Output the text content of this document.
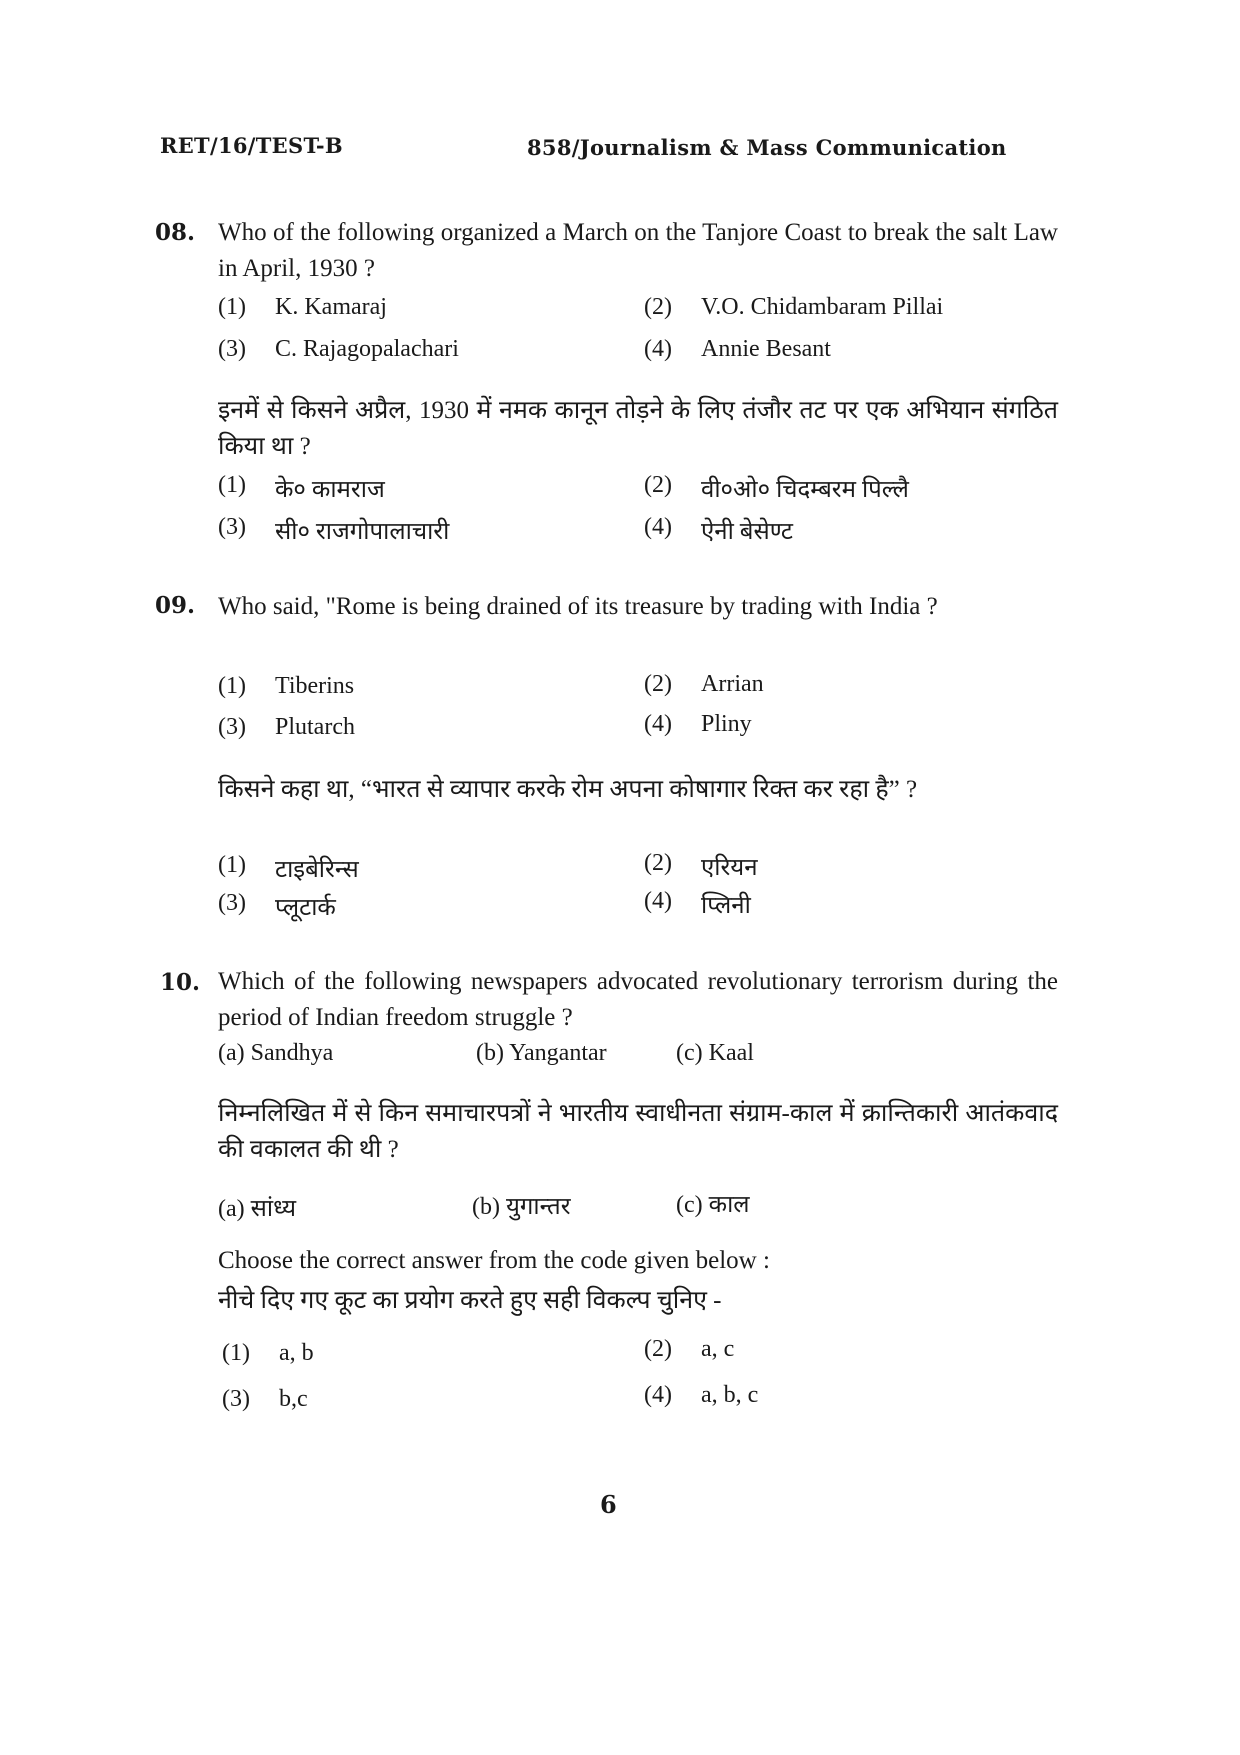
RET/16/TEST-B	858/Journalism & Mass Communication
08. Who of the following organized a March on the Tanjore Coast to break the salt Law in April, 1930 ?
(1)	K. Kamaraj	(2)	V.O. Chidambaram Pillai
(3)	C. Rajagopalachari	(4)	Annie Besant
इनमें से किसने अप्रैल, 1930 में नमक कानून तोड़ने के लिए तंजौर तट पर एक अभियान संगठित किया था ?
(1)	के० कामराज	(2)	वी०ओ० चिदम्बरम पिल्लै
(3)	सी० राजगोपालाचारी	(4)	ऐनी बेसेण्ट
09. Who said, "Rome is being drained of its treasure by trading with India ?
(1)	Tiberins	(2)	Arrian
(3)	Plutarch	(4)	Pliny
किसने कहा था, “भारत से व्यापार करके रोम अपना कोषागार रिक्त कर रहा है” ?
(1)	टाइबेरिन्स	(2)	एरियन
(3)	प्लूटार्क	(4)	प्लिनी
10. Which of the following newspapers advocated revolutionary terrorism during the period of Indian freedom struggle ?
(a) Sandhya	(b) Yangantar	(c) Kaal
निम्नलिखित में से किन समाचारपत्रों ने भारतीय स्वाधीनता संग्राम-काल में क्रान्तिकारी आतंकवाद की वकालत की थी ?
(a) सांध्य	(b) युगान्तर	(c) काल
Choose the correct answer from the code given below :
नीचे दिए गए कूट का प्रयोग करते हुए सही विकल्प चुनिए -
(1)	a, b	(2)	a, c
(3)	b,c	(4)	a, b, c
6
